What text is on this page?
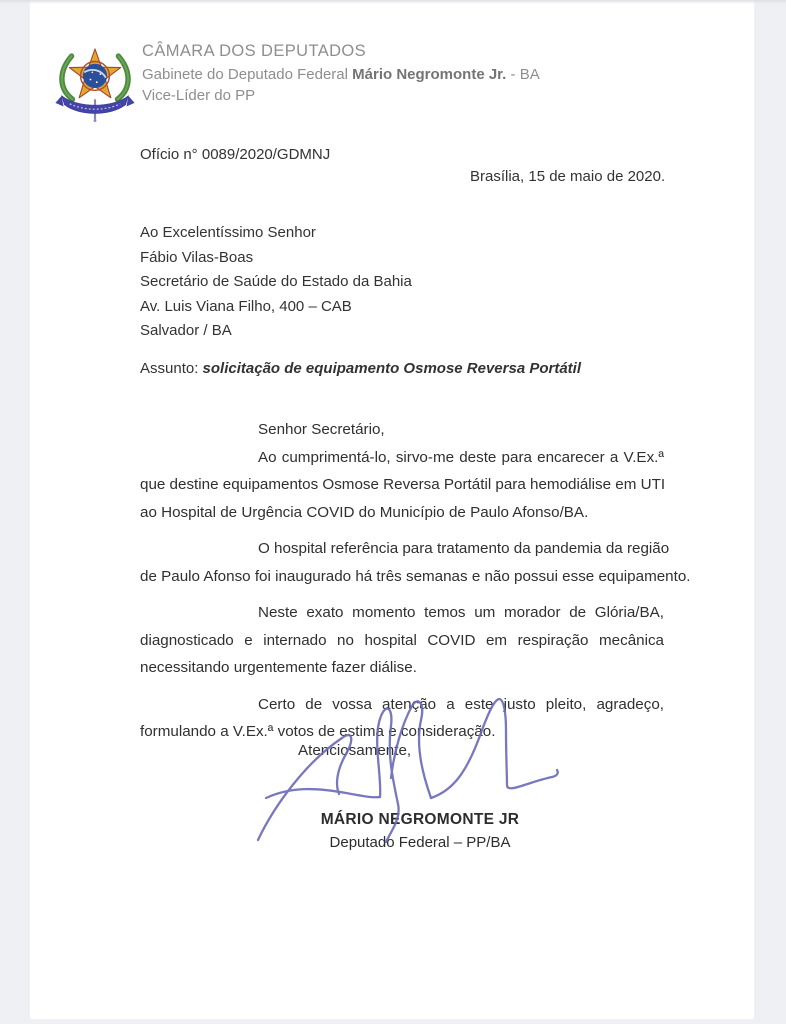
CÂMARA DOS DEPUTADOS

Gabinete do Deputado Federal Mário Negromonte Jr. - BA

Vice-Líder do PP

Ofício n° 0089/2020/GDMNJ
Brasília, 15 de maio de 2020.
Ao Excelentíssimo Senhor
Fábio Vilas-Boas
Secretário de Saúde do Estado da Bahia
Av. Luis Viana Filho, 400 – CAB
Salvador / BA
Assunto: solicitação de equipamento Osmose Reversa Portátil
Senhor Secretário,
Ao cumprimentá-lo, sirvo-me deste para encarecer a V.Ex.ª
que destine equipamentos Osmose Reversa Portátil para hemodiálise em UTI
ao Hospital de Urgência COVID do Município de Paulo Afonso/BA.
O hospital referência para tratamento da pandemia da região
de Paulo Afonso foi inaugurado há três semanas e não possui esse equipamento.
Neste exato momento temos um morador de Glória/BA,
diagnosticado e internado no hospital COVID em respiração mecânica
necessitando urgentemente fazer diálise.
Certo de vossa atenção a este justo pleito, agradeço,
formulando a V.Ex.ª votos de estima e consideração.
Atenciosamente,
MÁRIO NEGROMONTE JR
Deputado Federal – PP/BA
